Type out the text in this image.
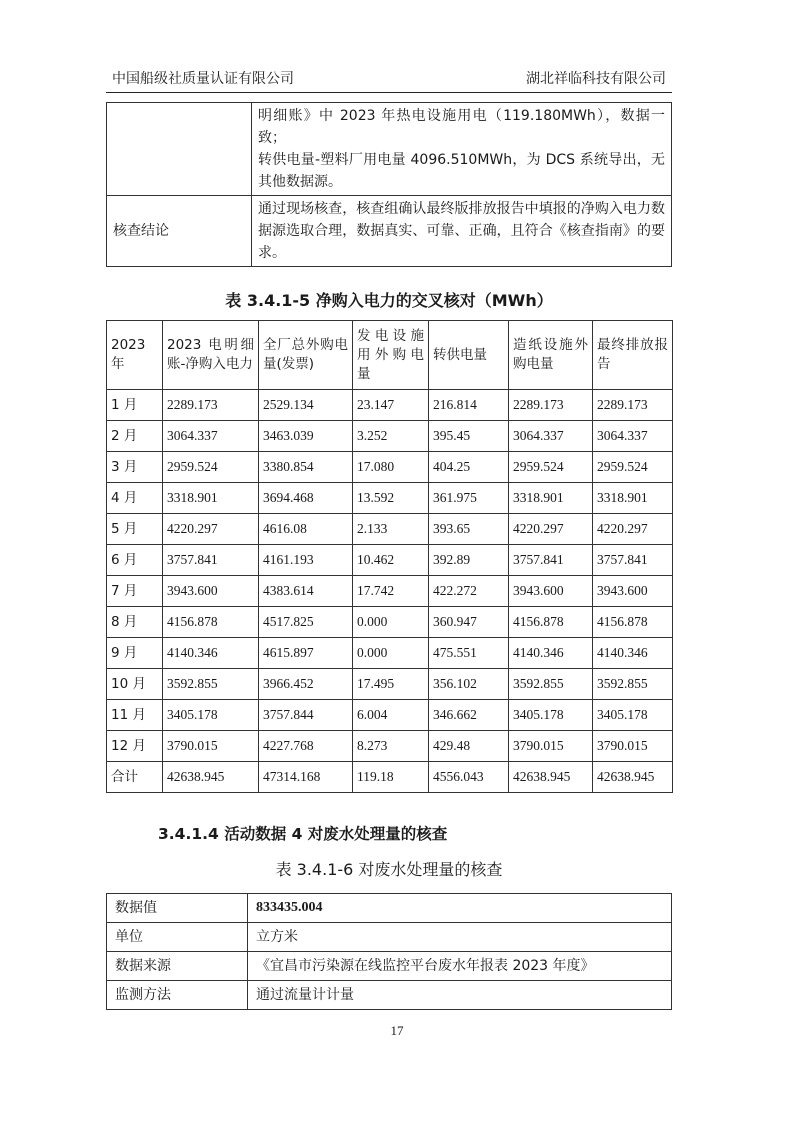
中国船级社质量认证有限公司	湖北祥临科技有限公司

	明细账》中 2023 年热电设施用电（119.180MWh），数据一致；
转供电量-塑料厂用电量 4096.510MWh，为 DCS 系统导出，无其他数据源。

核查结论	通过现场核查，核查组确认最终版排放报告中填报的净购入电力数据源选取合理，数据真实、可靠、正确，且符合《核查指南》的要求。
表 3.4.1-5 净购入电力的交叉核对（MWh）
2023 年	2023 电明细账-净购入电力	全厂总外购电量(发票)	发电设施用外购电量	转供电量	造纸设施外购电量	最终排放报告
1 月	2289.173	2529.134	23.147	216.814	2289.173	2289.173
2 月	3064.337	3463.039	3.252	395.45	3064.337	3064.337
3 月	2959.524	3380.854	17.080	404.25	2959.524	2959.524
4 月	3318.901	3694.468	13.592	361.975	3318.901	3318.901
5 月	4220.297	4616.08	2.133	393.65	4220.297	4220.297
6 月	3757.841	4161.193	10.462	392.89	3757.841	3757.841
7 月	3943.600	4383.614	17.742	422.272	3943.600	3943.600
8 月	4156.878	4517.825	0.000	360.947	4156.878	4156.878
9 月	4140.346	4615.897	0.000	475.551	4140.346	4140.346
10 月	3592.855	3966.452	17.495	356.102	3592.855	3592.855
11 月	3405.178	3757.844	6.004	346.662	3405.178	3405.178
12 月	3790.015	4227.768	8.273	429.48	3790.015	3790.015
合计	42638.945	47314.168	119.18	4556.043	42638.945	42638.945
3.4.1.4 活动数据 4 对废水处理量的核查
表 3.4.1-6 对废水处理量的核查
数据值	833435.004
单位	立方米
数据来源	《宜昌市污染源在线监控平台废水年报表 2023 年度》
监测方法	通过流量计计量
17
